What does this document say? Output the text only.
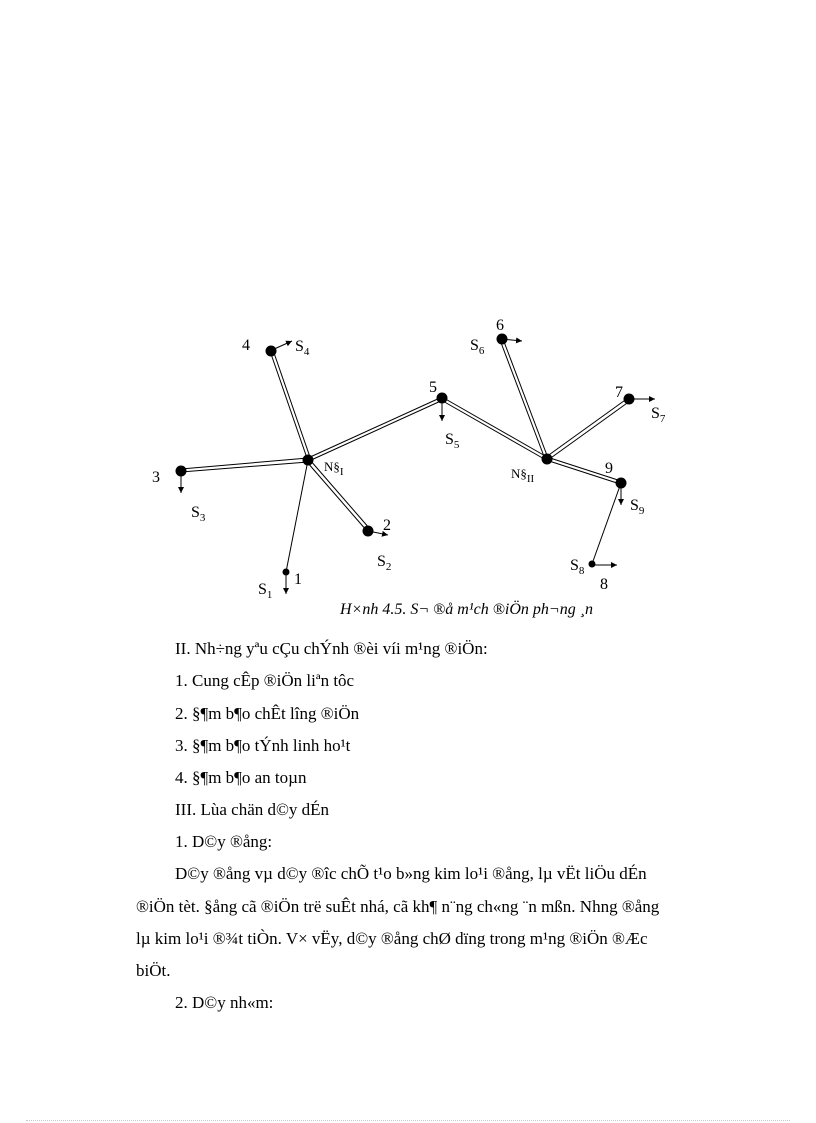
1
2
3
4
5
6
7
8
9
$N\S_I$	$N\S_{II}$
$S_1$
$S_2$
$S_3$
$S_4$
$S_5$
$S_6$
$S_7$
$S_8$
$S_9$
H×nh 4.5. S¬ ®å m¹ch ®iÖn ph¬ng ¸n
II. Nh÷ng yªu cÇu chÝnh ®èi víi m¹ng ®iÖn:
1. Cung cÊp ®iÖn liªn tôc
2. §¶m b¶o chÊt lîng ®iÖn
3. §¶m b¶o tÝnh linh ho¹t
4. §¶m b¶o an toµn
III. Lùa chän d©y dÉn
1. D©y ®ång:
D©y ®ång vµ d©y ®îc chÕ t¹o b»ng kim lo¹i ®ång, lµ vËt liÖu dÉn
®iÖn tèt. §ång cã ®iÖn trë suÊt nhá, cã kh¶ n¨ng ch«ng ¨n mßn. Nhng ®ång
lµ kim lo¹i ®¾t tiÒn. V× vËy, d©y ®ång chØ dïng trong m¹ng ®iÖn ®Æc
biÖt.
2. D©y nh«m:
